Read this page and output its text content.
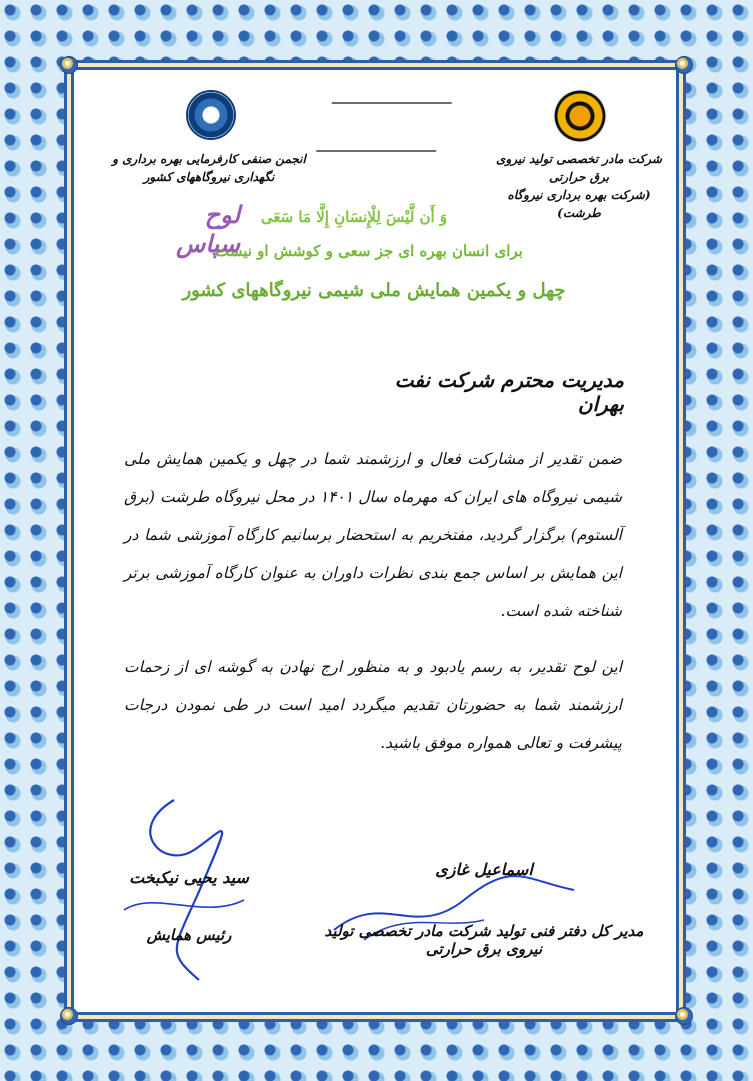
انجمن صنفی کارفرمایی بهره برداری و نگهداری نیروگاههای کشور
شرکت مادر تخصصی تولید نیروی برق حرارتی
(شرکت بهره برداری نیروگاه طرشت)
لوح سپاس
وَ أَن لَّیْسَ لِلْإِنسَانِ إِلَّا مَا سَعَی
برای انسان بهره ای جز سعی و کوشش او نیست
چهل و یکمین همایش ملی شیمی نیروگاههای کشور
مدیریت محترم شرکت نفت بهران

ضمن تقدیر از مشارکت فعال و ارزشمند شما در چهل و یکمین همایش ملی شیمی نیروگاه های ایران که مهرماه سال ۱۴۰۱ در محل نیروگاه طرشت (برق آلستوم) برگزار گردید، مفتخریم به استحضار برسانیم کارگاه آموزشی شما در این همایش بر اساس جمع بندی نظرات داوران به عنوان کارگاه آموزشی برتر شناخته شده است.

این لوح تقدیر، به رسم یادبود و به منظور ارج نهادن به گوشه ای از زحمات ارزشمند شما به حضورتان تقدیم میگردد امید است در طی نمودن درجات پیشرفت و تعالی همواره موفق باشید.

اسماعیل غازی
مدیر کل دفتر فنی تولید شرکت مادر تخصصی تولید نیروی برق حرارتی
سید یحیی نیکبخت
رئیس همایش
